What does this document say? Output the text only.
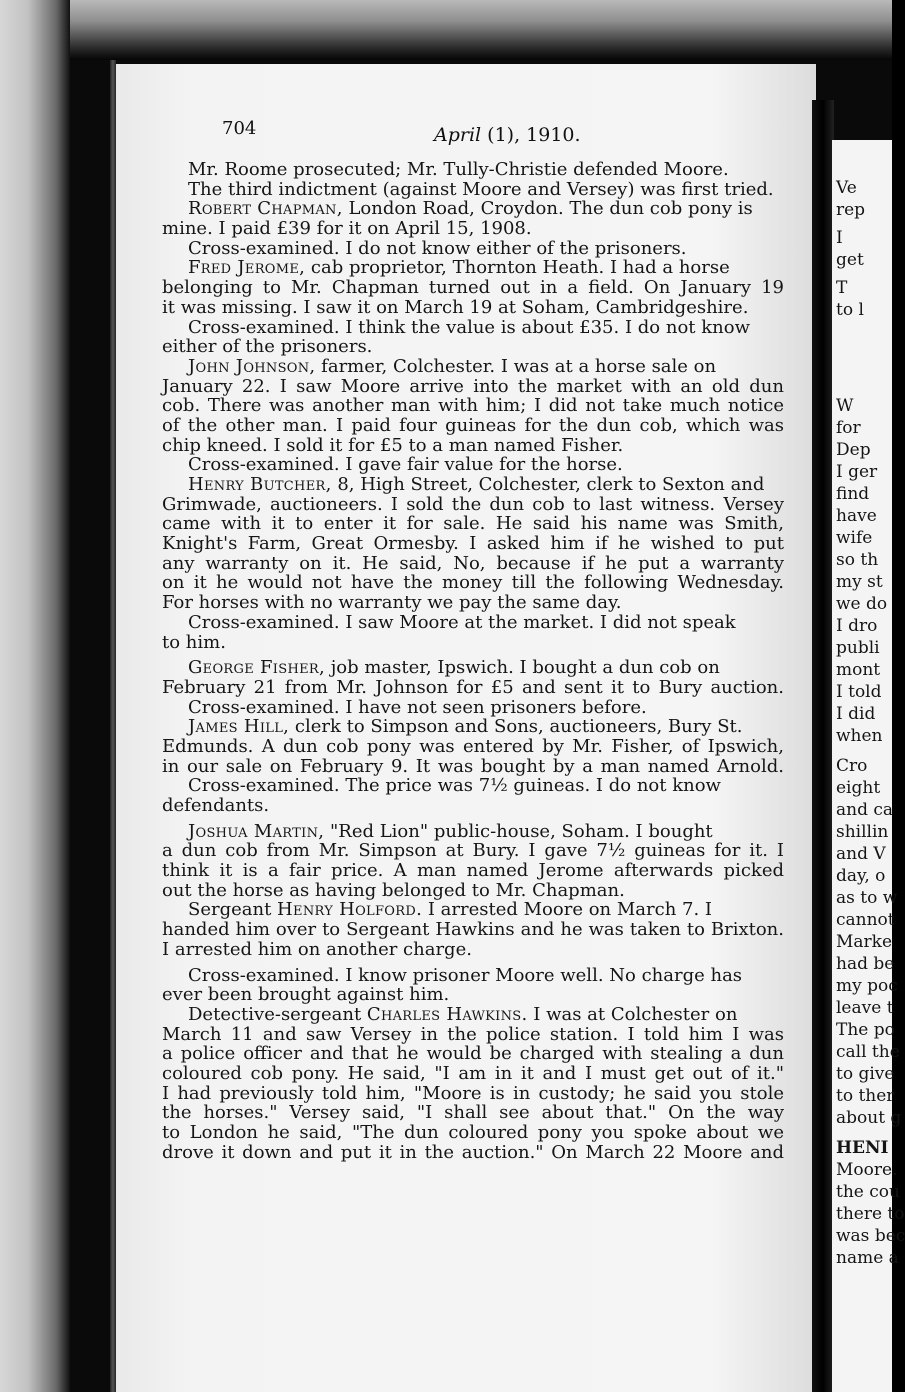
704	April (1), 1910.
Mr. Roome prosecuted; Mr. Tully-Christie defended Moore.
The third indictment (against Moore and Versey) was first tried.
Robert Chapman, London Road, Croydon. The dun cob pony is
mine. I paid £39 for it on April 15, 1908.
Cross-examined. I do not know either of the prisoners.
Fred Jerome, cab proprietor, Thornton Heath. I had a horse
belonging to Mr. Chapman turned out in a field. On January 19
it was missing. I saw it on March 19 at Soham, Cambridgeshire.
Cross-examined. I think the value is about £35. I do not know
either of the prisoners.
John Johnson, farmer, Colchester. I was at a horse sale on
January 22. I saw Moore arrive into the market with an old dun
cob. There was another man with him; I did not take much notice
of the other man. I paid four guineas for the dun cob, which was
chip kneed. I sold it for £5 to a man named Fisher.
Cross-examined. I gave fair value for the horse.
Henry Butcher, 8, High Street, Colchester, clerk to Sexton and
Grimwade, auctioneers. I sold the dun cob to last witness. Versey
came with it to enter it for sale. He said his name was Smith,
Knight's Farm, Great Ormesby. I asked him if he wished to put
any warranty on it. He said, No, because if he put a warranty
on it he would not have the money till the following Wednesday.
For horses with no warranty we pay the same day.
Cross-examined. I saw Moore at the market. I did not speak
to him.
George Fisher, job master, Ipswich. I bought a dun cob on
February 21 from Mr. Johnson for £5 and sent it to Bury auction.
Cross-examined. I have not seen prisoners before.
James Hill, clerk to Simpson and Sons, auctioneers, Bury St.
Edmunds. A dun cob pony was entered by Mr. Fisher, of Ipswich,
in our sale on February 9. It was bought by a man named Arnold.
Cross-examined. The price was 7½ guineas. I do not know
defendants.
Joshua Martin, "Red Lion" public-house, Soham. I bought
a dun cob from Mr. Simpson at Bury. I gave 7½ guineas for it. I
think it is a fair price. A man named Jerome afterwards picked
out the horse as having belonged to Mr. Chapman.
Sergeant Henry Holford. I arrested Moore on March 7. I
handed him over to Sergeant Hawkins and he was taken to Brixton.
I arrested him on another charge.
Cross-examined. I know prisoner Moore well. No charge has
ever been brought against him.
Detective-sergeant Charles Hawkins. I was at Colchester on
March 11 and saw Versey in the police station. I told him I was
a police officer and that he would be charged with stealing a dun
coloured cob pony. He said, "I am in it and I must get out of it."
I had previously told him, "Moore is in custody; he said you stole
the horses." Versey said, "I shall see about that." On the way
to London he said, "The dun coloured pony you spoke about we
drove it down and put it in the auction." On March 22 Moore and
Ve
rep
I
get
T
to l
W
for
Dep
I ger
find
have
wife
so th
my st
we do
I dro
publi
mont
I told
I did
when
Cro
eight
and ca
shillin
and V
day, o
as to w
cannot
Marke
had be
my poc
leave t
The po
call the
to give
to ther
about g
HENI
Moore.
the cou
there to
was bec
name a
